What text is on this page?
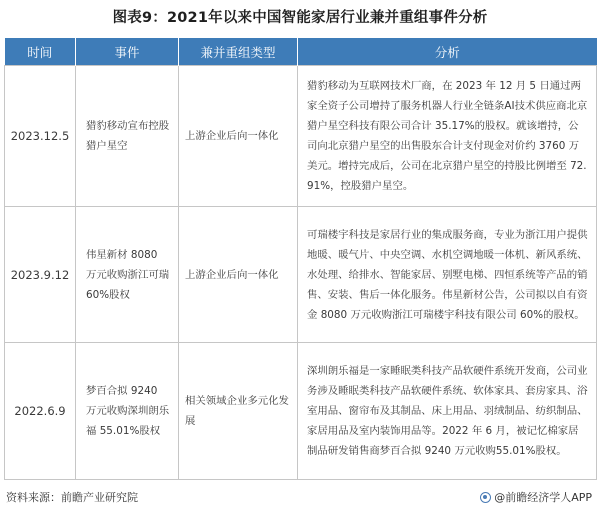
图表9：2021年以来中国智能家居行业兼并重组事件分析
时间	事件	兼并重组类型	分析
2023.12.5	猎豹移动宣布控股猎户星空	上游企业后向一体化	猎豹移动为互联网技术厂商，在 2023 年 12 月 5 日通过两家全资子公司增持了服务机器人行业全链条AI技术供应商北京猎户星空科技有限公司合计 35.17%的股权。就该增持，公司向北京猎户星空的出售股东合计支付现金对价约 3760 万美元。增持完成后，公司在北京猎户星空的持股比例增至 72.91%，控股猎户星空。
2023.9.12	伟星新材 8080 万元收购浙江可瑞 60%股权	上游企业后向一体化	可瑞楼宇科技是家居行业的集成服务商，专业为浙江用户提供地暖、暖气片、中央空调、水机空调地暖一体机、新风系统、水处理、给排水、智能家居、别墅电梯、四恒系统等产品的销售、安装、售后一体化服务。伟星新材公告，公司拟以自有资金 8080 万元收购浙江可瑞楼宇科技有限公司 60%的股权。
2022.6.9	梦百合拟 9240 万元收购深圳朗乐福 55.01%股权	相关领域企业多元化发展	深圳朗乐福是一家睡眠类科技产品软硬件系统开发商，公司业务涉及睡眠类科技产品软硬件系统、软体家具、套房家具、浴室用品、窗帘布及其制品、床上用品、羽绒制品、纺织制品、家居用品及室内装饰用品等。2022 年 6 月，被记忆棉家居制品研发销售商梦百合拟 9240 万元收购55.01%股权。
资料来源：前瞻产业研究院	@前瞻经济学人APP
